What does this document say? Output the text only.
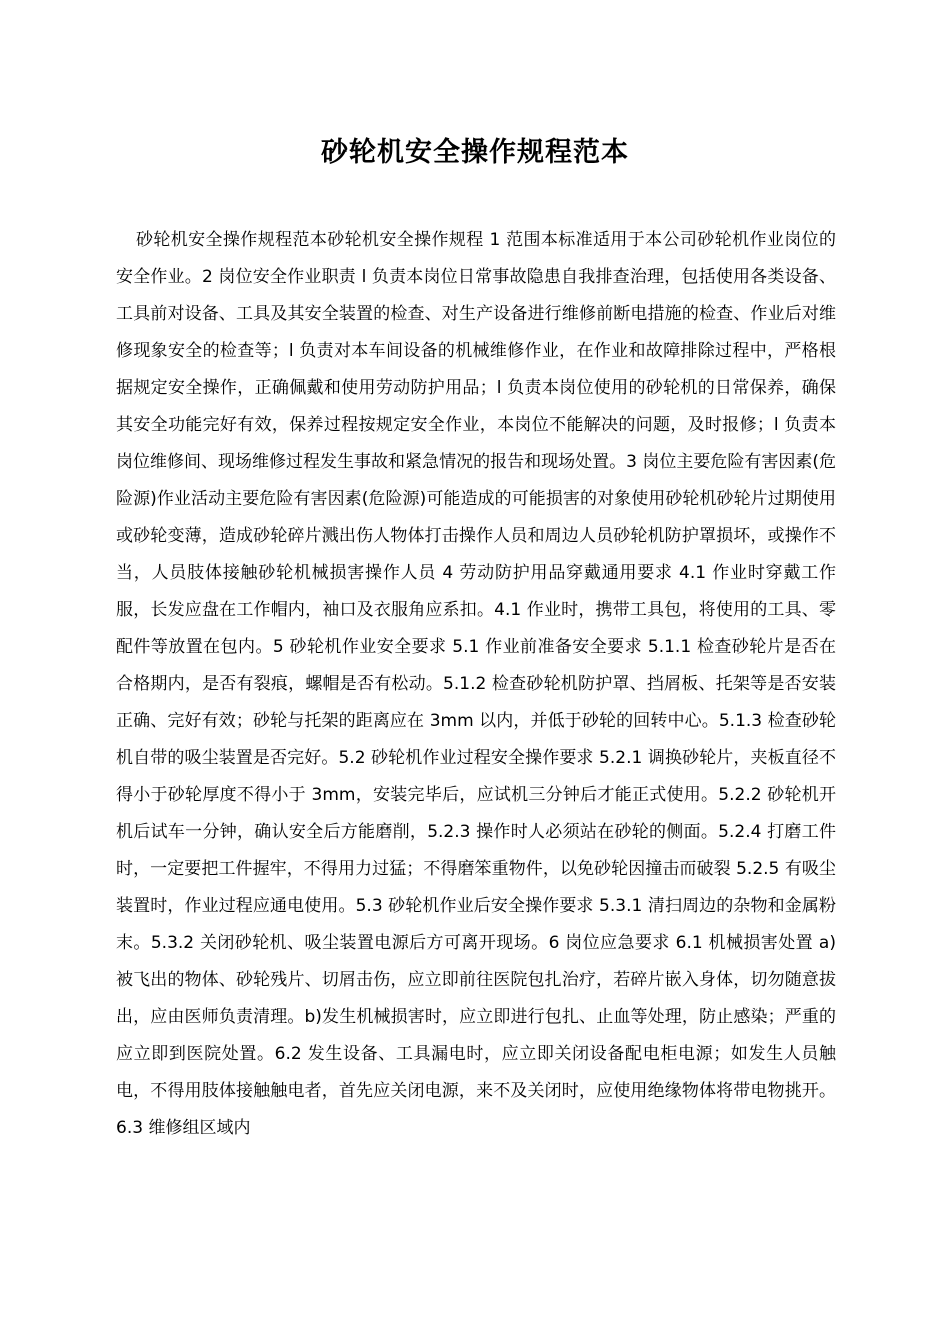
砂轮机安全操作规程范本

砂轮机安全操作规程范本砂轮机安全操作规程 1 范围本标准适用于本公司砂轮机作业岗位的安全作业。2 岗位安全作业职责 l 负责本岗位日常事故隐患自我排查治理，包括使用各类设备、工具前对设备、工具及其安全装置的检查、对生产设备进行维修前断电措施的检查、作业后对维修现象安全的检查等；l 负责对本车间设备的机械维修作业，在作业和故障排除过程中，严格根据规定安全操作，正确佩戴和使用劳动防护用品；l 负责本岗位使用的砂轮机的日常保养，确保其安全功能完好有效，保养过程按规定安全作业，本岗位不能解决的问题，及时报修；l 负责本岗位维修间、现场维修过程发生事故和紧急情况的报告和现场处置。3 岗位主要危险有害因素(危险源)作业活动主要危险有害因素(危险源)可能造成的可能损害的对象使用砂轮机砂轮片过期使用或砂轮变薄，造成砂轮碎片溅出伤人物体打击操作人员和周边人员砂轮机防护罩损坏，或操作不当，人员肢体接触砂轮机械损害操作人员 4 劳动防护用品穿戴通用要求 4.1 作业时穿戴工作服，长发应盘在工作帽内，袖口及衣服角应系扣。4.1 作业时，携带工具包，将使用的工具、零配件等放置在包内。5 砂轮机作业安全要求 5.1 作业前准备安全要求 5.1.1 检查砂轮片是否在合格期内，是否有裂痕，螺帽是否有松动。5.1.2 检查砂轮机防护罩、挡屑板、托架等是否安装正确、完好有效；砂轮与托架的距离应在 3mm 以内，并低于砂轮的回转中心。5.1.3 检查砂轮机自带的吸尘装置是否完好。5.2 砂轮机作业过程安全操作要求 5.2.1 调换砂轮片，夹板直径不得小于砂轮厚度不得小于 3mm，安装完毕后，应试机三分钟后才能正式使用。5.2.2 砂轮机开机后试车一分钟，确认安全后方能磨削，5.2.3 操作时人必须站在砂轮的侧面。5.2.4 打磨工件时，一定要把工件握牢，不得用力过猛；不得磨笨重物件，以免砂轮因撞击而破裂 5.2.5 有吸尘装置时，作业过程应通电使用。5.3 砂轮机作业后安全操作要求 5.3.1 清扫周边的杂物和金属粉末。5.3.2 关闭砂轮机、吸尘装置电源后方可离开现场。6 岗位应急要求 6.1 机械损害处置 a)被飞出的物体、砂轮残片、切屑击伤，应立即前往医院包扎治疗，若碎片嵌入身体，切勿随意拔出，应由医师负责清理。b)发生机械损害时，应立即进行包扎、止血等处理，防止感染；严重的应立即到医院处置。6.2 发生设备、工具漏电时，应立即关闭设备配电柜电源；如发生人员触电，不得用肢体接触触电者，首先应关闭电源，来不及关闭时，应使用绝缘物体将带电物挑开。6.3 维修组区域内
